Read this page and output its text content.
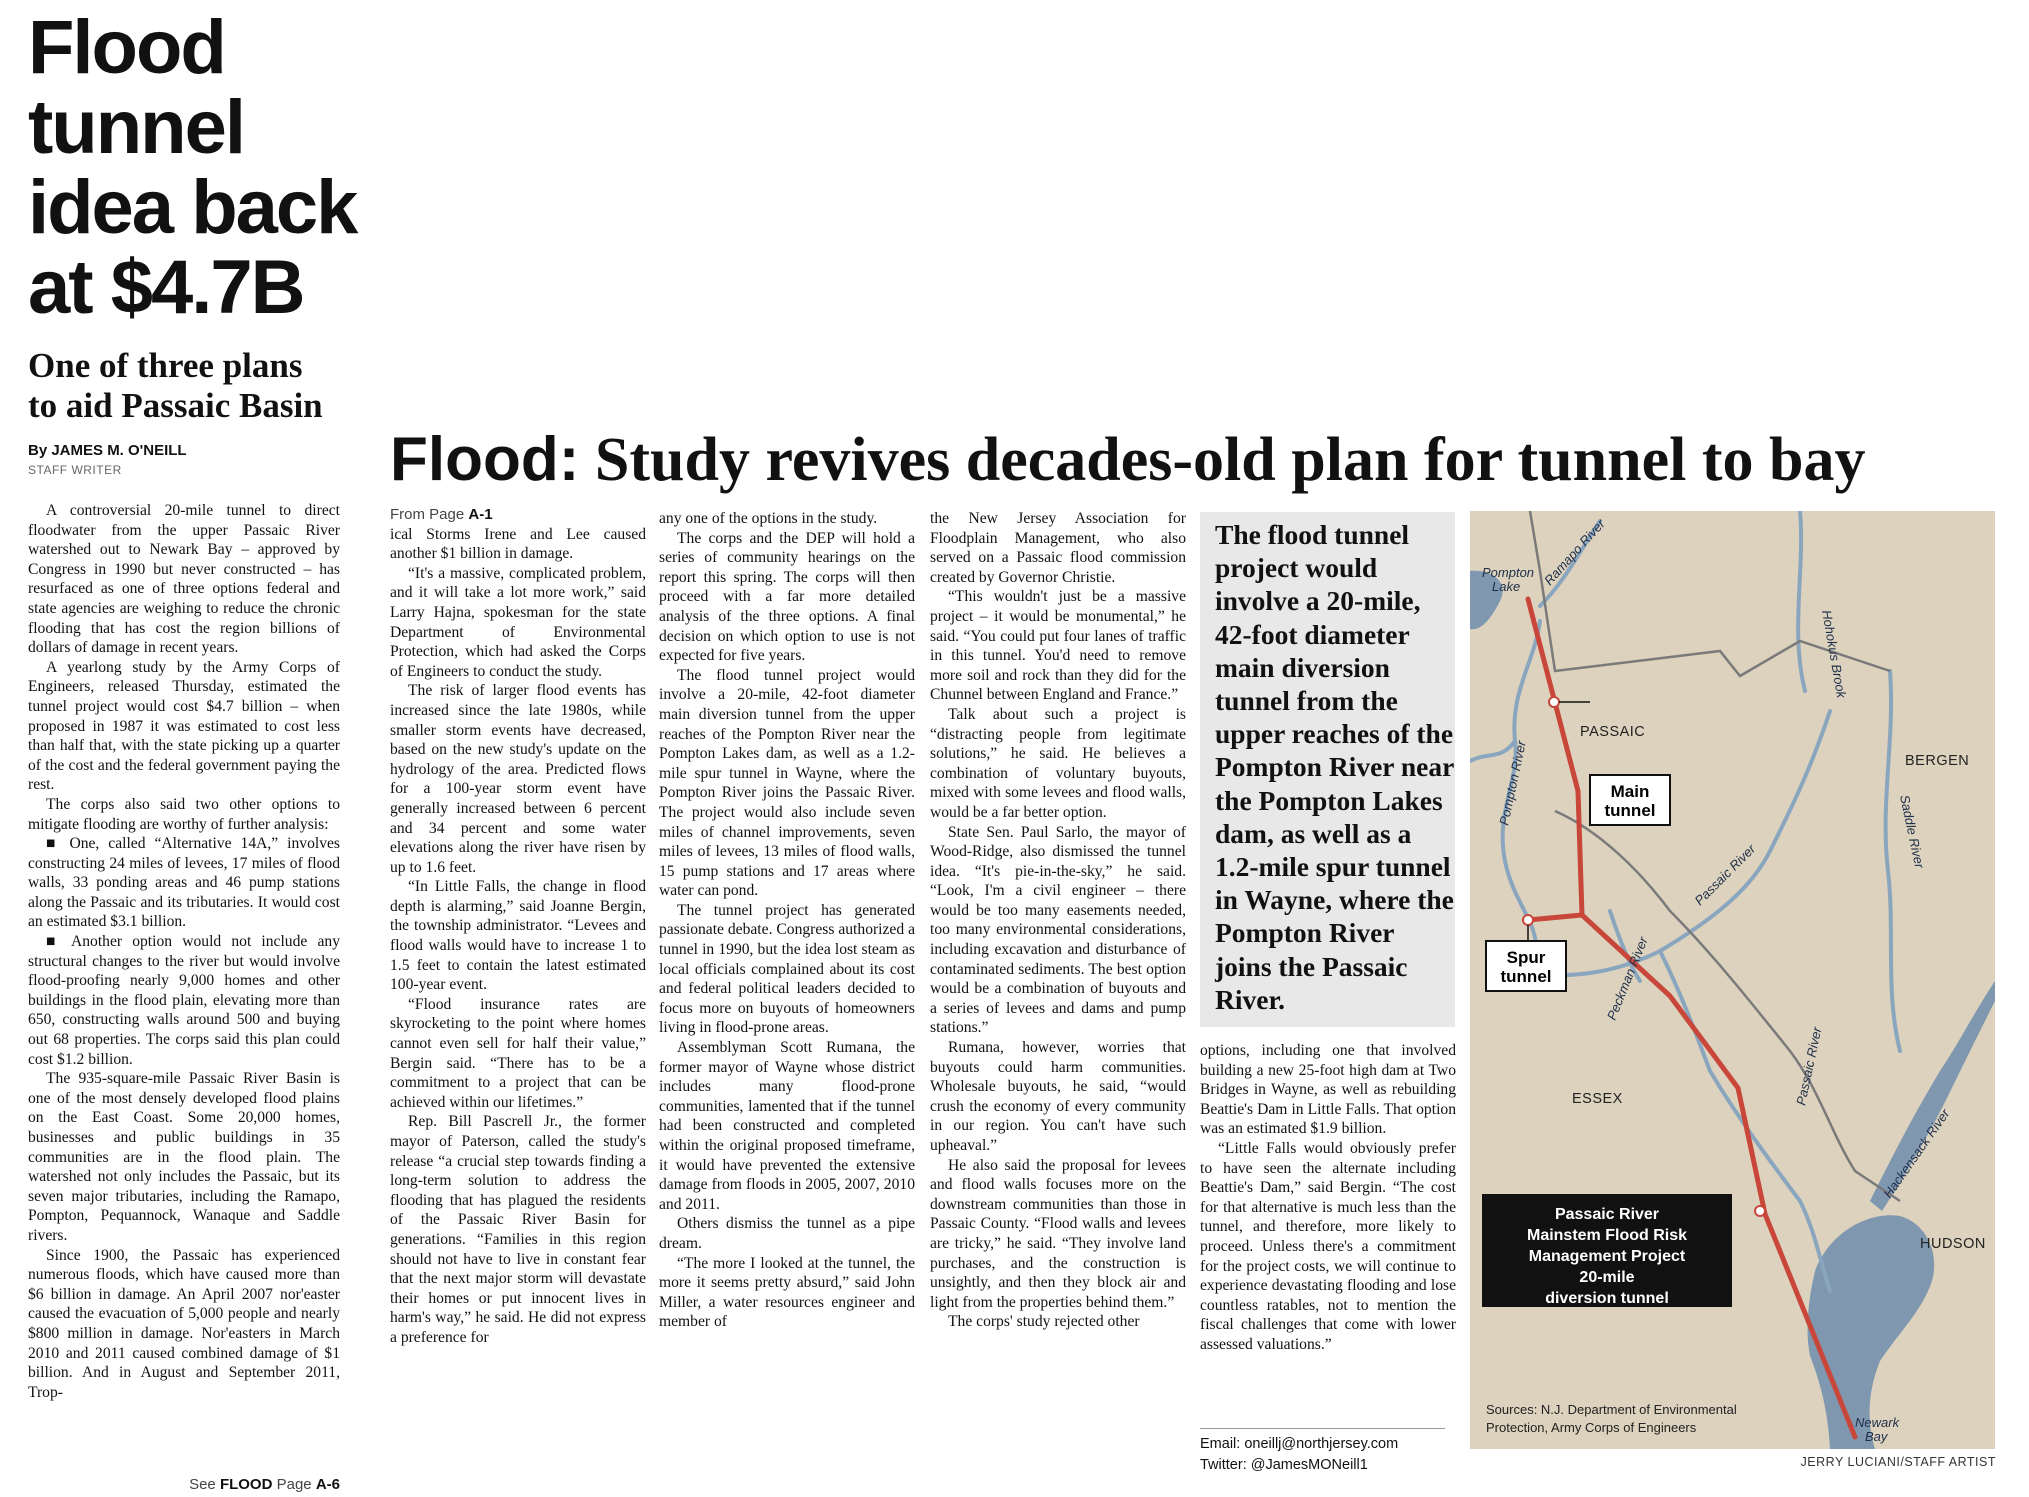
Flood
tunnel
idea back
at $4.7B
One of three plans
to aid Passaic Basin
By JAMES M. O'NEILL
STAFF WRITER

A controversial 20-mile tunnel to direct floodwater from the upper Passaic River watershed out to Newark Bay – approved by Congress in 1990 but never constructed – has resurfaced as one of three options federal and state agencies are weighing to reduce the chronic flooding that has cost the region billions of dollars of damage in recent years.

A yearlong study by the Army Corps of Engineers, released Thursday, estimated the tunnel project would cost $4.7 billion – when proposed in 1987 it was estimated to cost less than half that, with the state picking up a quarter of the cost and the federal government paying the rest.

The corps also said two other options to mitigate flooding are worthy of further analysis:

■ One, called “Alternative 14A,” involves constructing 24 miles of levees, 17 miles of flood walls, 33 ponding areas and 46 pump stations along the Passaic and its tributaries. It would cost an estimated $3.1 billion.

■ Another option would not include any structural changes to the river but would involve flood-proofing nearly 9,000 homes and other buildings in the flood plain, elevating more than 650, constructing walls around 500 and buying out 68 properties. The corps said this plan could cost $1.2 billion.

The 935-square-mile Passaic River Basin is one of the most densely developed flood plains on the East Coast. Some 20,000 homes, businesses and public buildings in 35 communities are in the flood plain. The watershed not only includes the Passaic, but its seven major tributaries, including the Ramapo, Pompton, Pequannock, Wanaque and Saddle rivers.

Since 1900, the Passaic has experienced numerous floods, which have caused more than $6 billion in damage. An April 2007 nor'easter caused the evacuation of 5,000 people and nearly $800 million in damage. Nor'easters in March 2010 and 2011 caused combined damage of $1 billion. And in August and September 2011, Trop-

See FLOOD Page A-6
Flood: Study revives decades-old plan for tunnel to bay

From Page A-1

ical Storms Irene and Lee caused another $1 billion in damage.

“It's a massive, complicated problem, and it will take a lot more work,” said Larry Hajna, spokesman for the state Department of Environmental Protection, which had asked the Corps of Engineers to conduct the study.

The risk of larger flood events has increased since the late 1980s, while smaller storm events have decreased, based on the new study's update on the hydrology of the area. Predicted flows for a 100-year storm event have generally increased between 6 percent and 34 percent and some water elevations along the river have risen by up to 1.6 feet.

“In Little Falls, the change in flood depth is alarming,” said Joanne Bergin, the township administrator. “Levees and flood walls would have to increase 1 to 1.5 feet to contain the latest estimated 100-year event.

“Flood insurance rates are skyrocketing to the point where homes cannot even sell for half their value,” Bergin said. “There has to be a commitment to a project that can be achieved within our lifetimes.”

Rep. Bill Pascrell Jr., the former mayor of Paterson, called the study's release “a crucial step towards finding a long-term solution to address the flooding that has plagued the residents of the Passaic River Basin for generations. “Families in this region should not have to live in constant fear that the next major storm will devastate their homes or put innocent lives in harm's way,” he said. He did not express a preference for

any one of the options in the study.

The corps and the DEP will hold a series of community hearings on the report this spring. The corps will then proceed with a far more detailed analysis of the three options. A final decision on which option to use is not expected for five years.

The flood tunnel project would involve a 20-mile, 42-foot diameter main diversion tunnel from the upper reaches of the Pompton River near the Pompton Lakes dam, as well as a 1.2-mile spur tunnel in Wayne, where the Pompton River joins the Passaic River. The project would also include seven miles of channel improvements, seven miles of levees, 13 miles of flood walls, 15 pump stations and 17 areas where water can pond.

The tunnel project has generated passionate debate. Congress authorized a tunnel in 1990, but the idea lost steam as local officials complained about its cost and federal political leaders decided to focus more on buyouts of homeowners living in flood-prone areas.

Assemblyman Scott Rumana, the former mayor of Wayne whose district includes many flood-prone communities, lamented that if the tunnel had been constructed and completed within the original proposed timeframe, it would have prevented the extensive damage from floods in 2005, 2007, 2010 and 2011.

Others dismiss the tunnel as a pipe dream.

“The more I looked at the tunnel, the more it seems pretty absurd,” said John Miller, a water resources engineer and member of

the New Jersey Association for Floodplain Management, who also served on a Passaic flood commission created by Governor Christie.

“This wouldn't just be a massive project – it would be monumental,” he said. “You could put four lanes of traffic in this tunnel. You'd need to remove more soil and rock than they did for the Chunnel between England and France.”

Talk about such a project is “distracting people from legitimate solutions,” he said. He believes a combination of voluntary buyouts, mixed with some levees and flood walls, would be a far better option.

State Sen. Paul Sarlo, the mayor of Wood-Ridge, also dismissed the tunnel idea. “It's pie-in-the-sky,” he said. “Look, I'm a civil engineer – there would be too many easements needed, too many environmental considerations, including excavation and disturbance of contaminated sediments. The best option would be a combination of buyouts and a series of levees and dams and pump stations.”

Rumana, however, worries that buyouts could harm communities. Wholesale buyouts, he said, “would crush the economy of every community in our region. You can't have such upheaval.”

He also said the proposal for levees and flood walls focuses more on the downstream communities than those in Passaic County. “Flood walls and levees are tricky,” he said. “They involve land purchases, and the construction is unsightly, and then they block air and light from the properties behind them.”

The corps' study rejected other

The flood tunnel project would involve a 20-mile, 42-foot diameter main diversion tunnel from the upper reaches of the Pompton River near the Pompton Lakes dam, as well as a 1.2-mile spur tunnel in Wayne, where the Pompton River joins the Passaic River.

options, including one that involved building a new 25-foot high dam at Two Bridges in Wayne, as well as rebuilding Beattie's Dam in Little Falls. That option was an estimated $1.9 billion.

“Little Falls would obviously prefer to have seen the alternate including Beattie's Dam,” said Bergin. “The cost for that alternative is much less than the tunnel, and therefore, more likely to proceed. Unless there's a commitment for the project costs, we will continue to experience devastating flooding and lose countless ratables, not to mention the fiscal challenges that come with lower assessed valuations.”

Email: oneillj@northjersey.com
Twitter: @JamesMONeill1
Pompton
Lake Ramapo River
Pompton River
Hohokus Brook
Saddle River
Passaic River
Peckman River
Passaic River
Hackensack River
Newark
Bay
PASSAIC
BERGEN
ESSEX
HUDSON
Main
tunnel
Spur
tunnel
Passaic River
Mainstem Flood Risk
Management Project
20-mile
diversion tunnel
Sources: N.J. Department of Environmental
Protection, Army Corps of Engineers
JERRY LUCIANI/STAFF ARTIST
